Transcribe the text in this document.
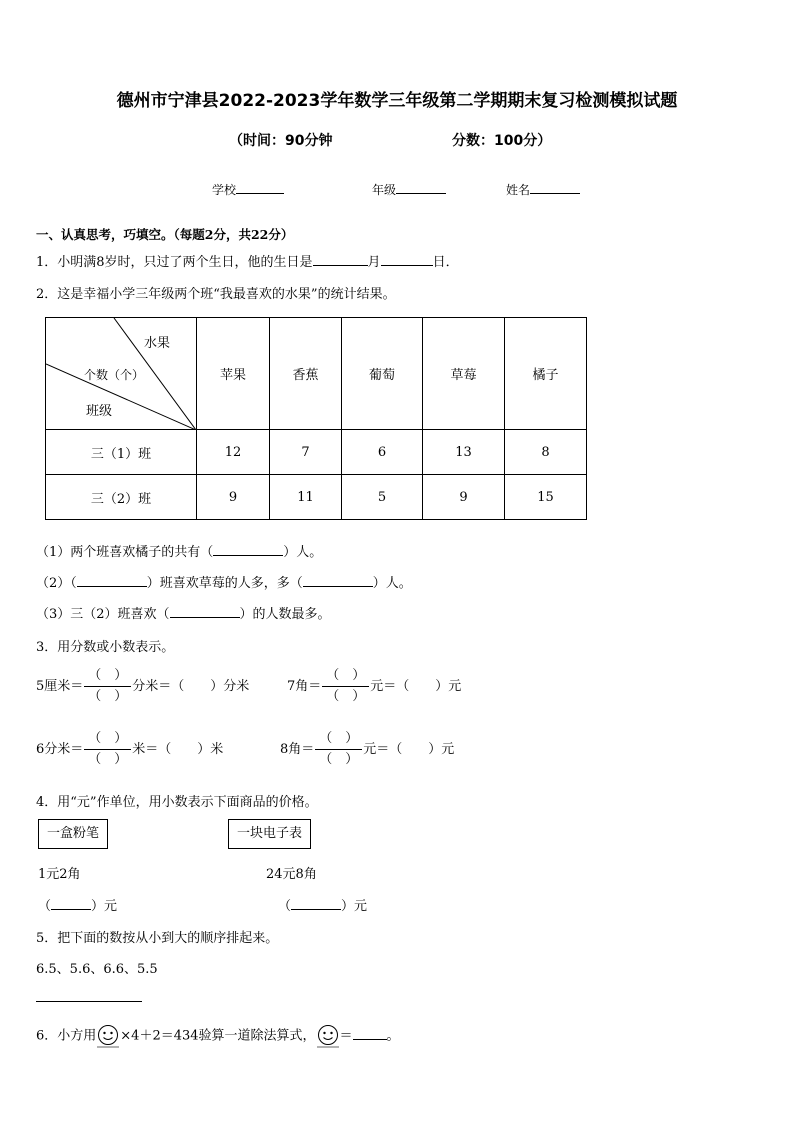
德州市宁津县2022-2023学年数学三年级第二学期期末复习检测模拟试题
（时间：90分钟	分数：100分）
学校	年级	姓名
一、认真思考，巧填空。（每题2分，共22分）
1．小明满8岁时，只过了两个生日，他的生日是	月	日．
2．这是幸福小学三年级两个班“我最喜欢的水果”的统计结果。
水果
个数（个）
班级	苹果	香蕉	葡萄	草莓	橘子
三（1）班	12	7	6	13	8
三（2）班	9	11	5	9	15
（1）两个班喜欢橘子的共有（	）人。
（2）（	）班喜欢草莓的人多，多（	）人。
（3）三（2）班喜欢（	）的人数最多。
3．用分数或小数表示。
5厘米＝ $\frac{( )}{( )}$ 分米＝（　　）分米	7角＝ $\frac{( )}{( )}$ 元＝（　　）元
6分米＝ $\frac{( )}{( )}$ 米＝（　　）米	8角＝ $\frac{( )}{( )}$ 元＝（　　）元
4．用“元”作单位，用小数表示下面商品的价格。
一盒粉笔	一块电子表
1元2角	24元8角
（	）元	（	）元
5．把下面的数按从小到大的顺序排起来。
6.5、5.6、6.6、5.5
6．小方用 ×4＋2＝434验算一道除法算式， ＝	。
